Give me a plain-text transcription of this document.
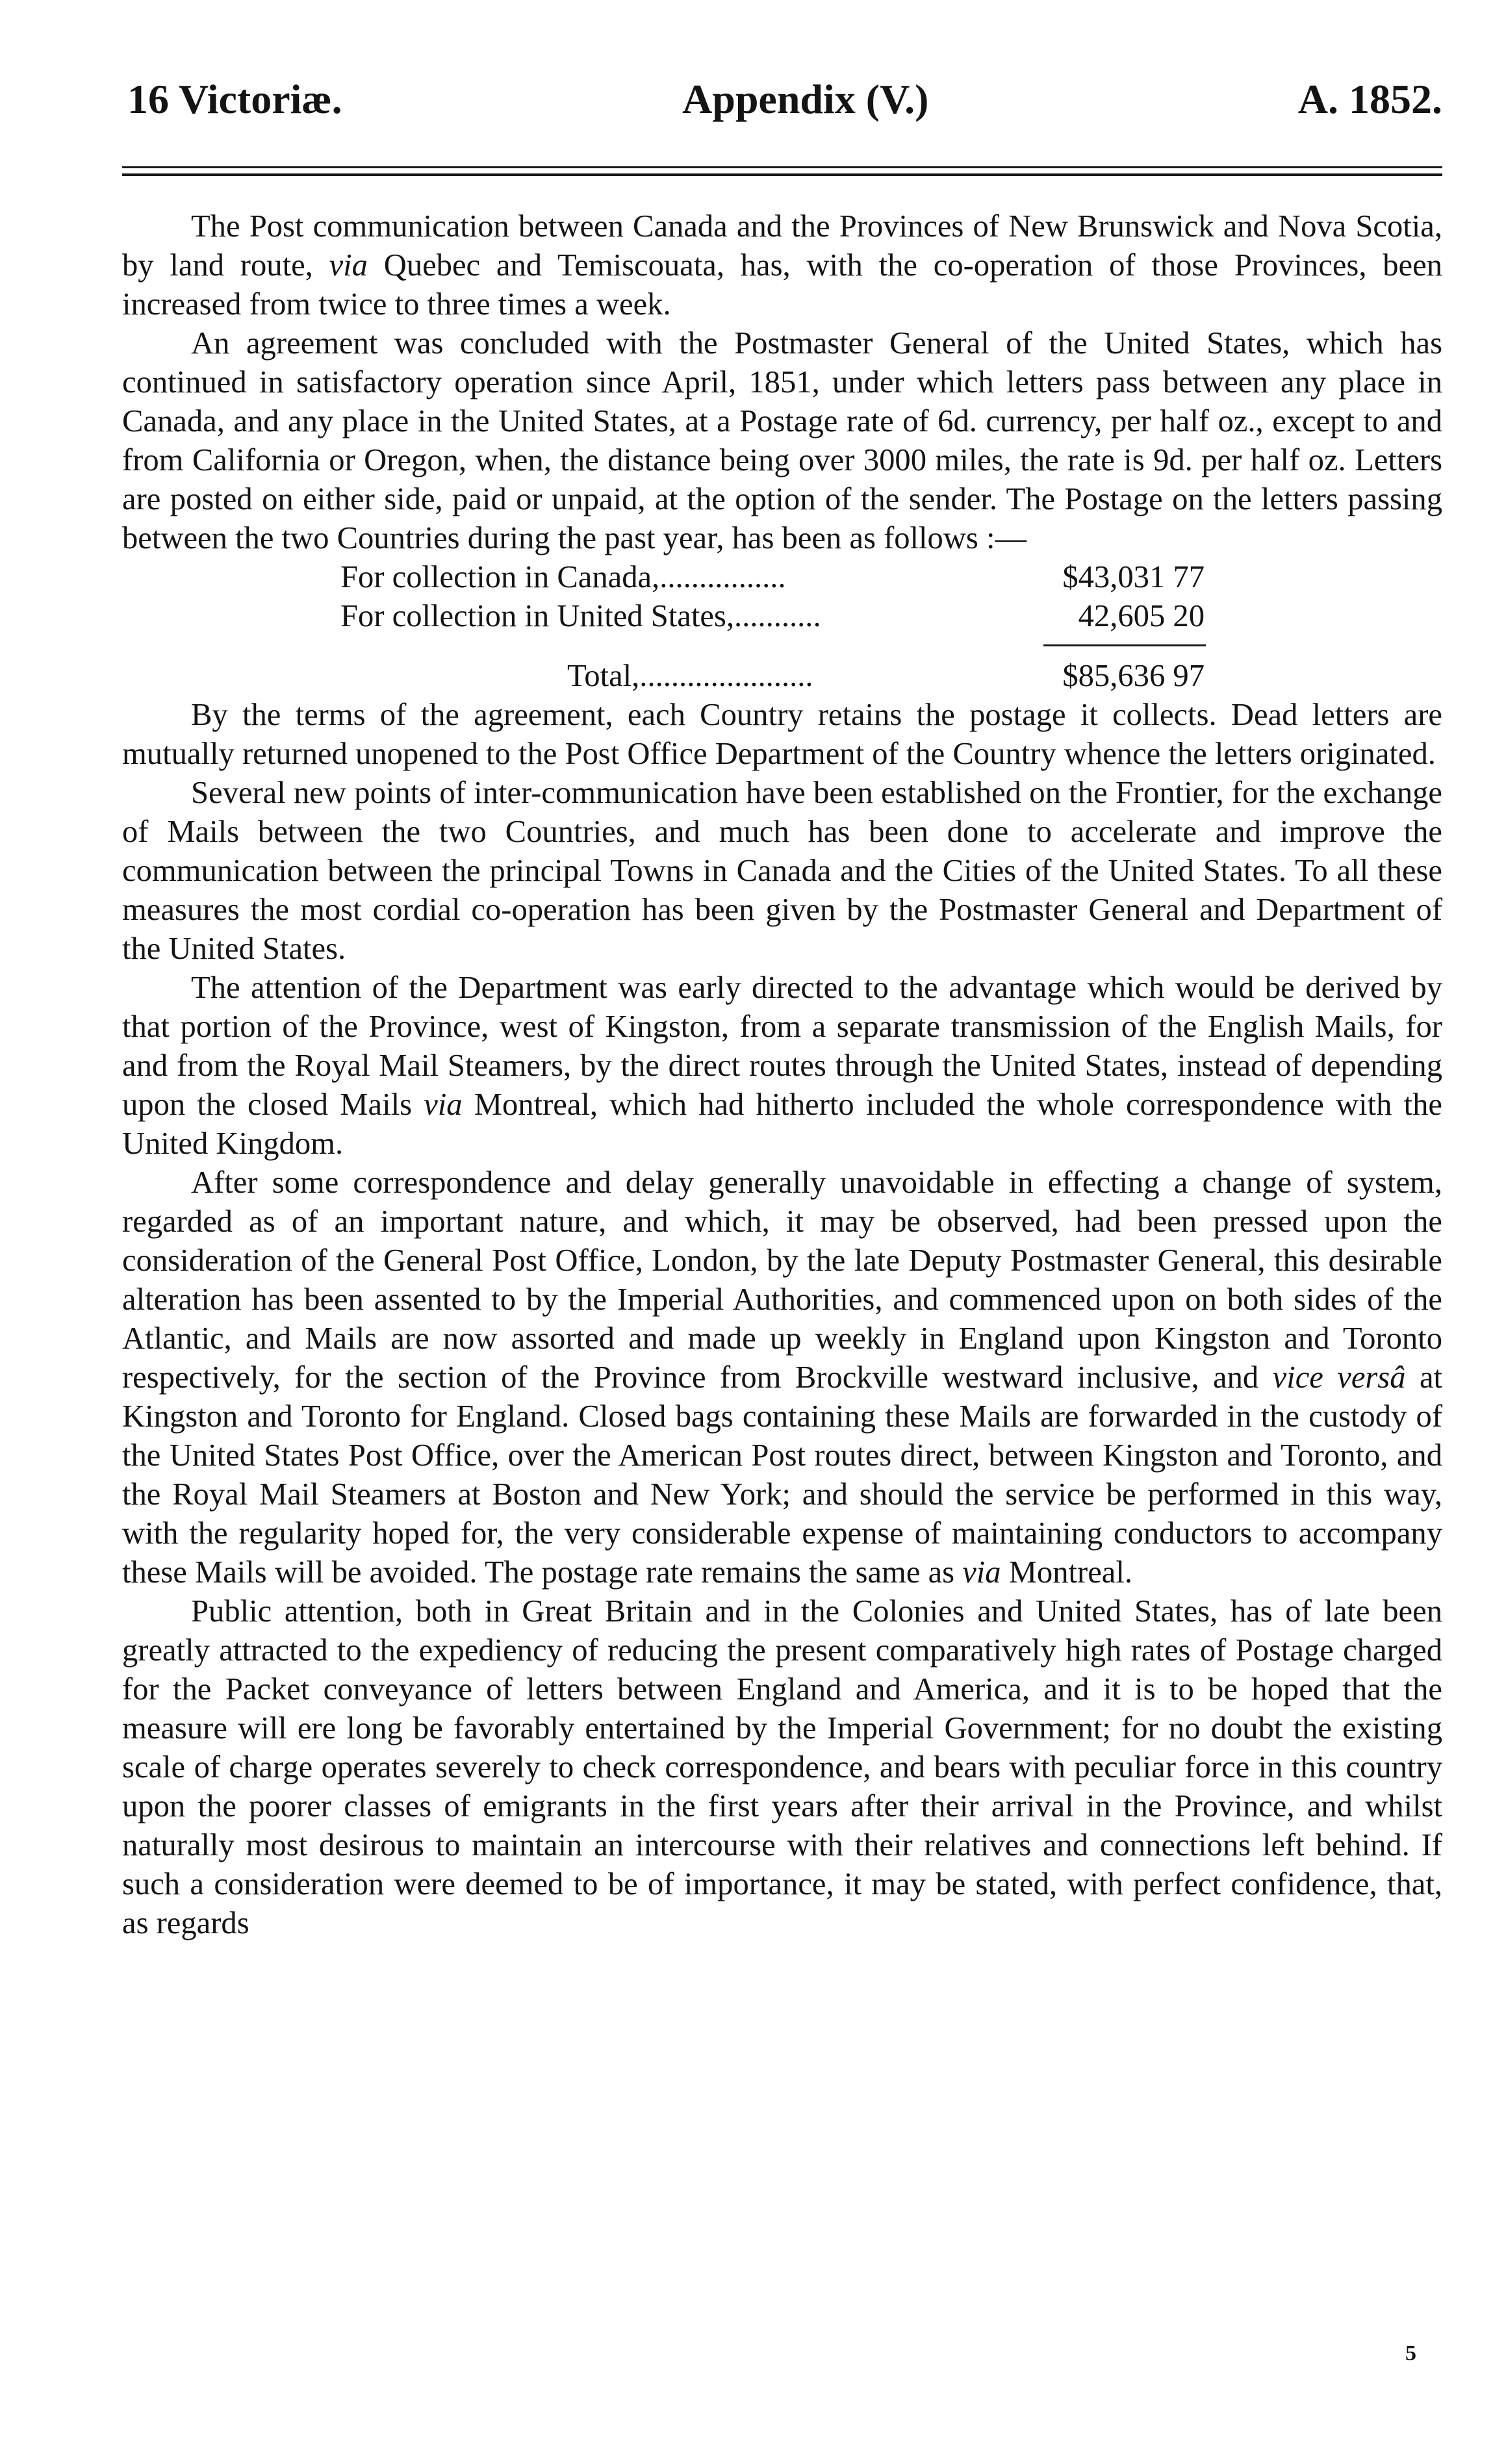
16 Victoriæ.	Appendix (V.)	A. 1852.

The Post communication between Canada and the Provinces of New Brunswick and Nova Scotia, by land route, via Quebec and Temiscouata, has, with the co-operation of those Provinces, been increased from twice to three times a week.

An agreement was concluded with the Postmaster General of the United States, which has continued in satisfactory operation since April, 1851, under which letters pass between any place in Canada, and any place in the United States, at a Postage rate of 6d. currency, per half oz., except to and from California or Oregon, when, the distance being over 3000 miles, the rate is 9d. per half oz. Letters are posted on either side, paid or unpaid, at the option of the sender. The Postage on the letters passing between the two Countries during the past year, has been as follows :—

For collection in Canada,................	$43,031 77
For collection in United States,...........	42,605 20
Total,......................	$85,636 97

By the terms of the agreement, each Country retains the postage it collects. Dead letters are mutually returned unopened to the Post Office Department of the Country whence the letters originated.

Several new points of inter-communication have been established on the Frontier, for the exchange of Mails between the two Countries, and much has been done to accelerate and improve the communication between the principal Towns in Canada and the Cities of the United States. To all these measures the most cordial co-operation has been given by the Postmaster General and Department of the United States.

The attention of the Department was early directed to the advantage which would be derived by that portion of the Province, west of Kingston, from a separate transmission of the English Mails, for and from the Royal Mail Steamers, by the direct routes through the United States, instead of depending upon the closed Mails via Montreal, which had hitherto included the whole correspondence with the United Kingdom.

After some correspondence and delay generally unavoidable in effecting a change of system, regarded as of an important nature, and which, it may be observed, had been pressed upon the consideration of the General Post Office, London, by the late Deputy Postmaster General, this desirable alteration has been assented to by the Imperial Authorities, and commenced upon on both sides of the Atlantic, and Mails are now assorted and made up weekly in England upon Kingston and Toronto respectively, for the section of the Province from Brockville westward inclusive, and vice versâ at Kingston and Toronto for England. Closed bags containing these Mails are forwarded in the custody of the United States Post Office, over the American Post routes direct, between Kingston and Toronto, and the Royal Mail Steamers at Boston and New York; and should the service be performed in this way, with the regularity hoped for, the very considerable expense of maintaining conductors to accompany these Mails will be avoided. The postage rate remains the same as via Montreal.

Public attention, both in Great Britain and in the Colonies and United States, has of late been greatly attracted to the expediency of reducing the present comparatively high rates of Postage charged for the Packet conveyance of letters between England and America, and it is to be hoped that the measure will ere long be favorably entertained by the Imperial Government; for no doubt the existing scale of charge operates severely to check correspondence, and bears with peculiar force in this country upon the poorer classes of emigrants in the first years after their arrival in the Province, and whilst naturally most desirous to maintain an intercourse with their relatives and connections left behind. If such a consideration were deemed to be of importance, it may be stated, with perfect confidence, that, as regards

5
